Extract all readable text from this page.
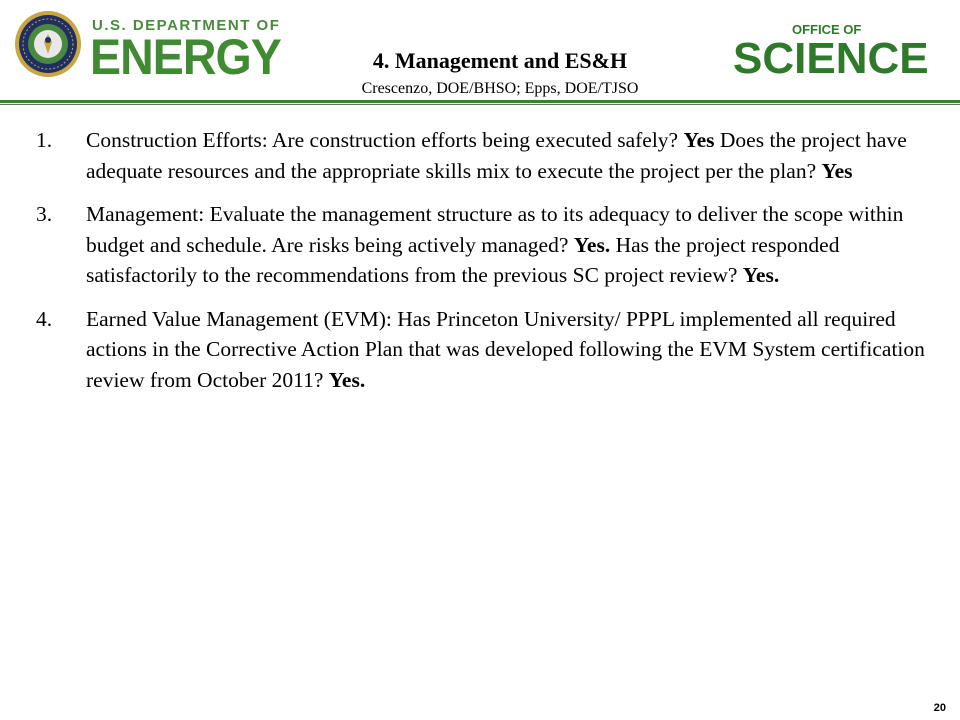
U.S. DEPARTMENT OF
ENERGY	4. Management and ES&H
Crescenzo, DOE/BHSO; Epps, DOE/TJSO
OFFICE OF
SCIENCE
1. Construction Efforts: Are construction efforts being executed safely? Yes Does the project have adequate resources and the appropriate skills mix to execute the project per the plan? Yes
3. Management: Evaluate the management structure as to its adequacy to deliver the scope within budget and schedule. Are risks being actively managed? Yes. Has the project responded satisfactorily to the recommendations from the previous SC project review? Yes.
4. Earned Value Management (EVM): Has Princeton University/ PPPL implemented all required actions in the Corrective Action Plan that was developed following the EVM System certification review from October 2011? Yes.
20
